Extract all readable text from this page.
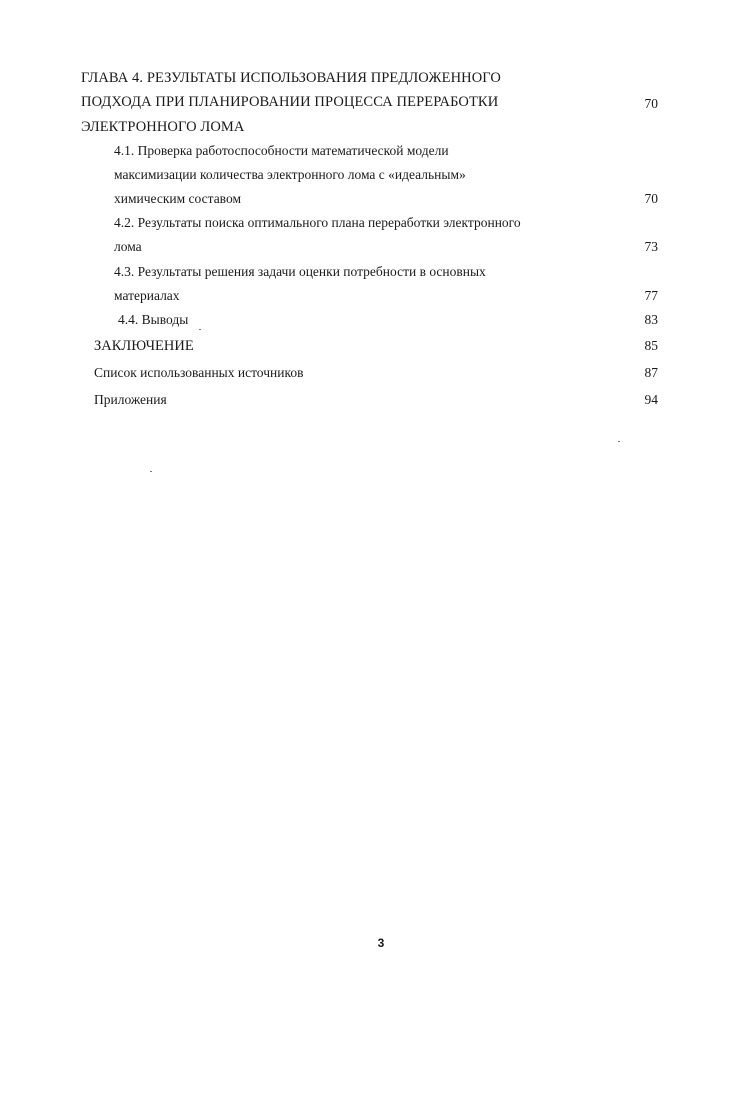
ГЛАВА 4. РЕЗУЛЬТАТЫ ИСПОЛЬЗОВАНИЯ ПРЕДЛОЖЕННОГО
ПОДХОДА ПРИ ПЛАНИРОВАНИИ ПРОЦЕССА ПЕРЕРАБОТКИ	70
ЭЛЕКТРОННОГО ЛОМА
4.1. Проверка работоспособности математической модели
максимизации количества электронного лома с «идеальным»
химическим составом	70
4.2. Результаты поиска оптимального плана переработки электронного
лома	73
4.3. Результаты решения задачи оценки потребности в основных
материалах	77
4.4. Выводы	83
ЗАКЛЮЧЕНИЕ	85
Список использованных источников	87
Приложения	94
3
